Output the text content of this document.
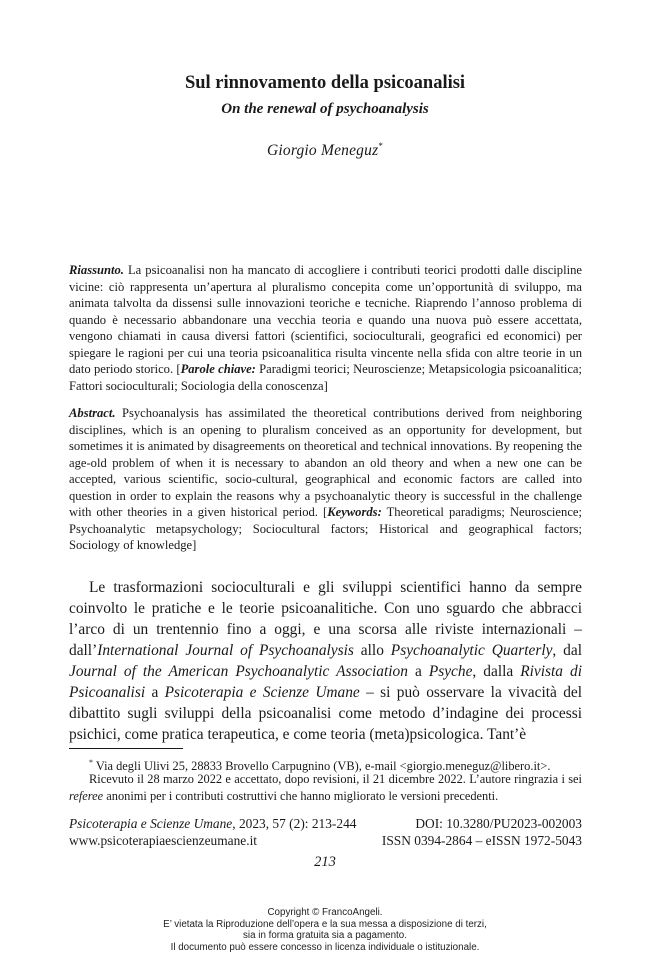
Sul rinnovamento della psicoanalisi
On the renewal of psychoanalysis
Giorgio Meneguz*

Riassunto. La psicoanalisi non ha mancato di accogliere i contributi teorici prodotti dalle discipline vicine: ciò rappresenta un’apertura al pluralismo concepita come un’opportunità di sviluppo, ma animata talvolta da dissensi sulle innovazioni teoriche e tecniche. Riaprendo l’annoso problema di quando è necessario abbandonare una vecchia teoria e quando una nuova può essere accettata, vengono chiamati in causa diversi fattori (scientifici, socioculturali, geografici ed economici) per spiegare le ragioni per cui una teoria psicoanalitica risulta vincente nella sfida con altre teorie in un dato periodo storico. [Parole chiave: Paradigmi teorici; Neuroscienze; Metapsicologia psicoanalitica; Fattori socioculturali; Sociologia della conoscenza]

Abstract. Psychoanalysis has assimilated the theoretical contributions derived from neighboring disciplines, which is an opening to pluralism conceived as an opportunity for development, but sometimes it is animated by disagreements on theoretical and technical innovations. By reopening the age-old problem of when it is necessary to abandon an old theory and when a new one can be accepted, various scientific, socio-cultural, geographical and economic factors are called into question in order to explain the reasons why a psychoanalytic theory is successful in the challenge with other theories in a given historical period. [Keywords: Theoretical paradigms; Neuroscience; Psychoanalytic metapsychology; Sociocultural factors; Historical and geographical factors; Sociology of knowledge]

Le trasformazioni socioculturali e gli sviluppi scientifici hanno da sempre coinvolto le pratiche e le teorie psicoanalitiche. Con uno sguardo che abbracci l’arco di un trentennio fino a oggi, e una scorsa alle riviste internazionali – dall’International Journal of Psychoanalysis allo Psychoanalytic Quarterly, dal Journal of the American Psychoanalytic Association a Psyche, dalla Rivista di Psicoanalisi a Psicoterapia e Scienze Umane – si può osservare la vivacità del dibattito sugli sviluppi della psicoanalisi come metodo d’indagine dei processi psichici, come pratica terapeutica, e come teoria (meta)psicologica. Tant’è

* Via degli Ulivi 25, 28833 Brovello Carpugnino (VB), e-mail <giorgio.meneguz@libero.it>.

Ricevuto il 28 marzo 2022 e accettato, dopo revisioni, il 21 dicembre 2022. L’autore ringrazia i sei referee anonimi per i contributi costruttivi che hanno migliorato le versioni precedenti.

Psicoterapia e Scienze Umane, 2023, 57 (2): 213-244	DOI: 10.3280/PU2023-002003
www.psicoterapiaescienzeumane.it	ISSN 0394-2864 – eISSN 1972-5043
213
Copyright © FrancoAngeli.
E’ vietata la Riproduzione dell’opera e la sua messa a disposizione di terzi,
sia in forma gratuita sia a pagamento.
Il documento può essere concesso in licenza individuale o istituzionale.
